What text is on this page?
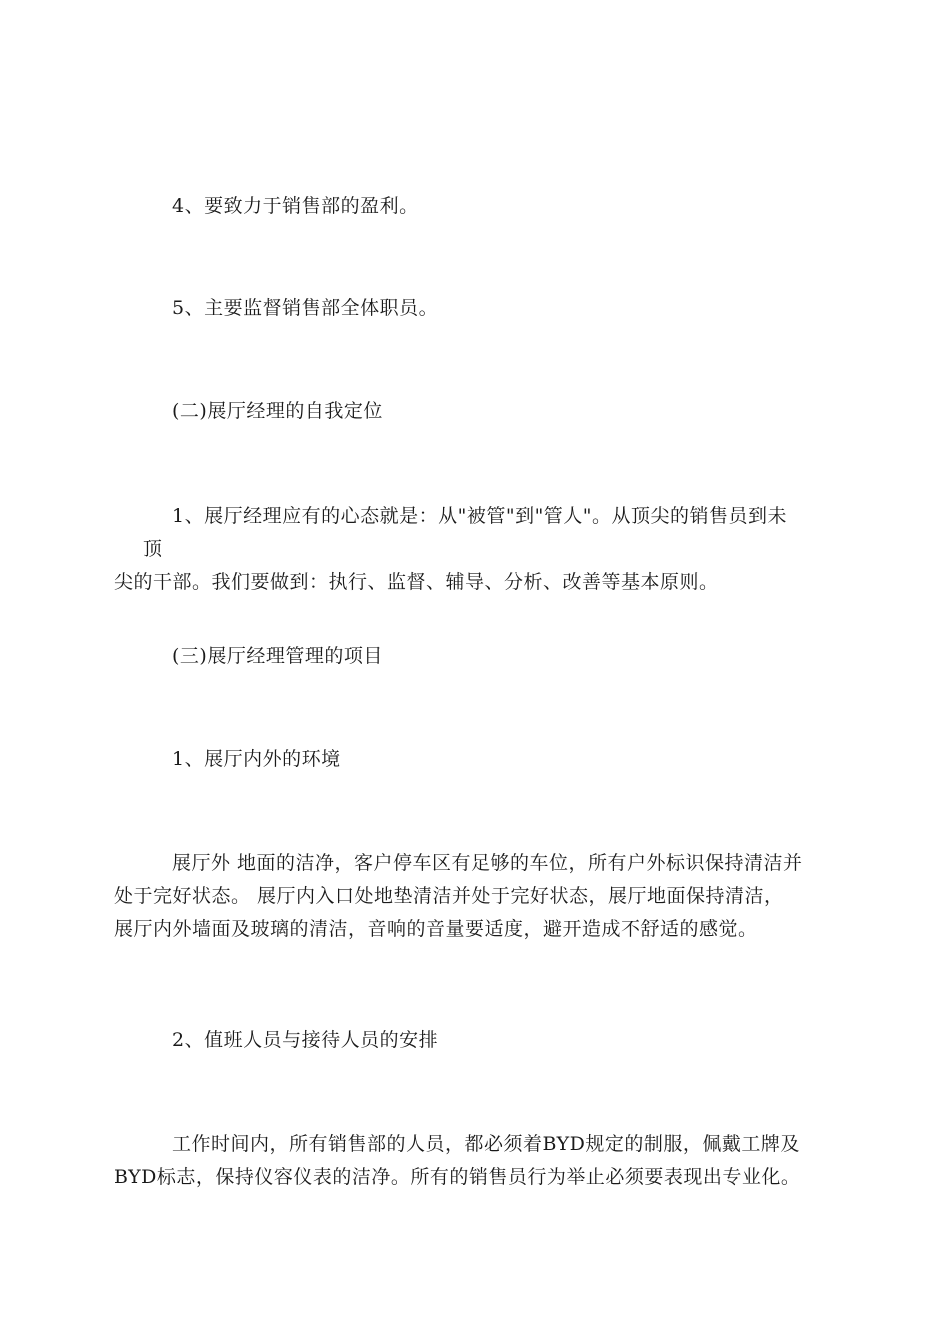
4、要致力于销售部的盈利。

5、主要监督销售部全体职员。

(二)展厅经理的自我定位

1、展厅经理应有的心态就是：从"被管"到"管人"。从顶尖的销售员到未顶
尖的干部。我们要做到：执行、监督、辅导、分析、改善等基本原则。

(三)展厅经理管理的项目

1、展厅内外的环境

展厅外 地面的洁净，客户停车区有足够的车位，所有户外标识保持清洁并
处于完好状态。 展厅内入口处地垫清洁并处于完好状态，展厅地面保持清洁，
展厅内外墙面及玻璃的清洁，音响的音量要适度，避开造成不舒适的感觉。

2、值班人员与接待人员的安排

工作时间内，所有销售部的人员，都必须着BYD规定的制服，佩戴工牌及
BYD标志，保持仪容仪表的洁净。所有的销售员行为举止必须要表现出专业化。
